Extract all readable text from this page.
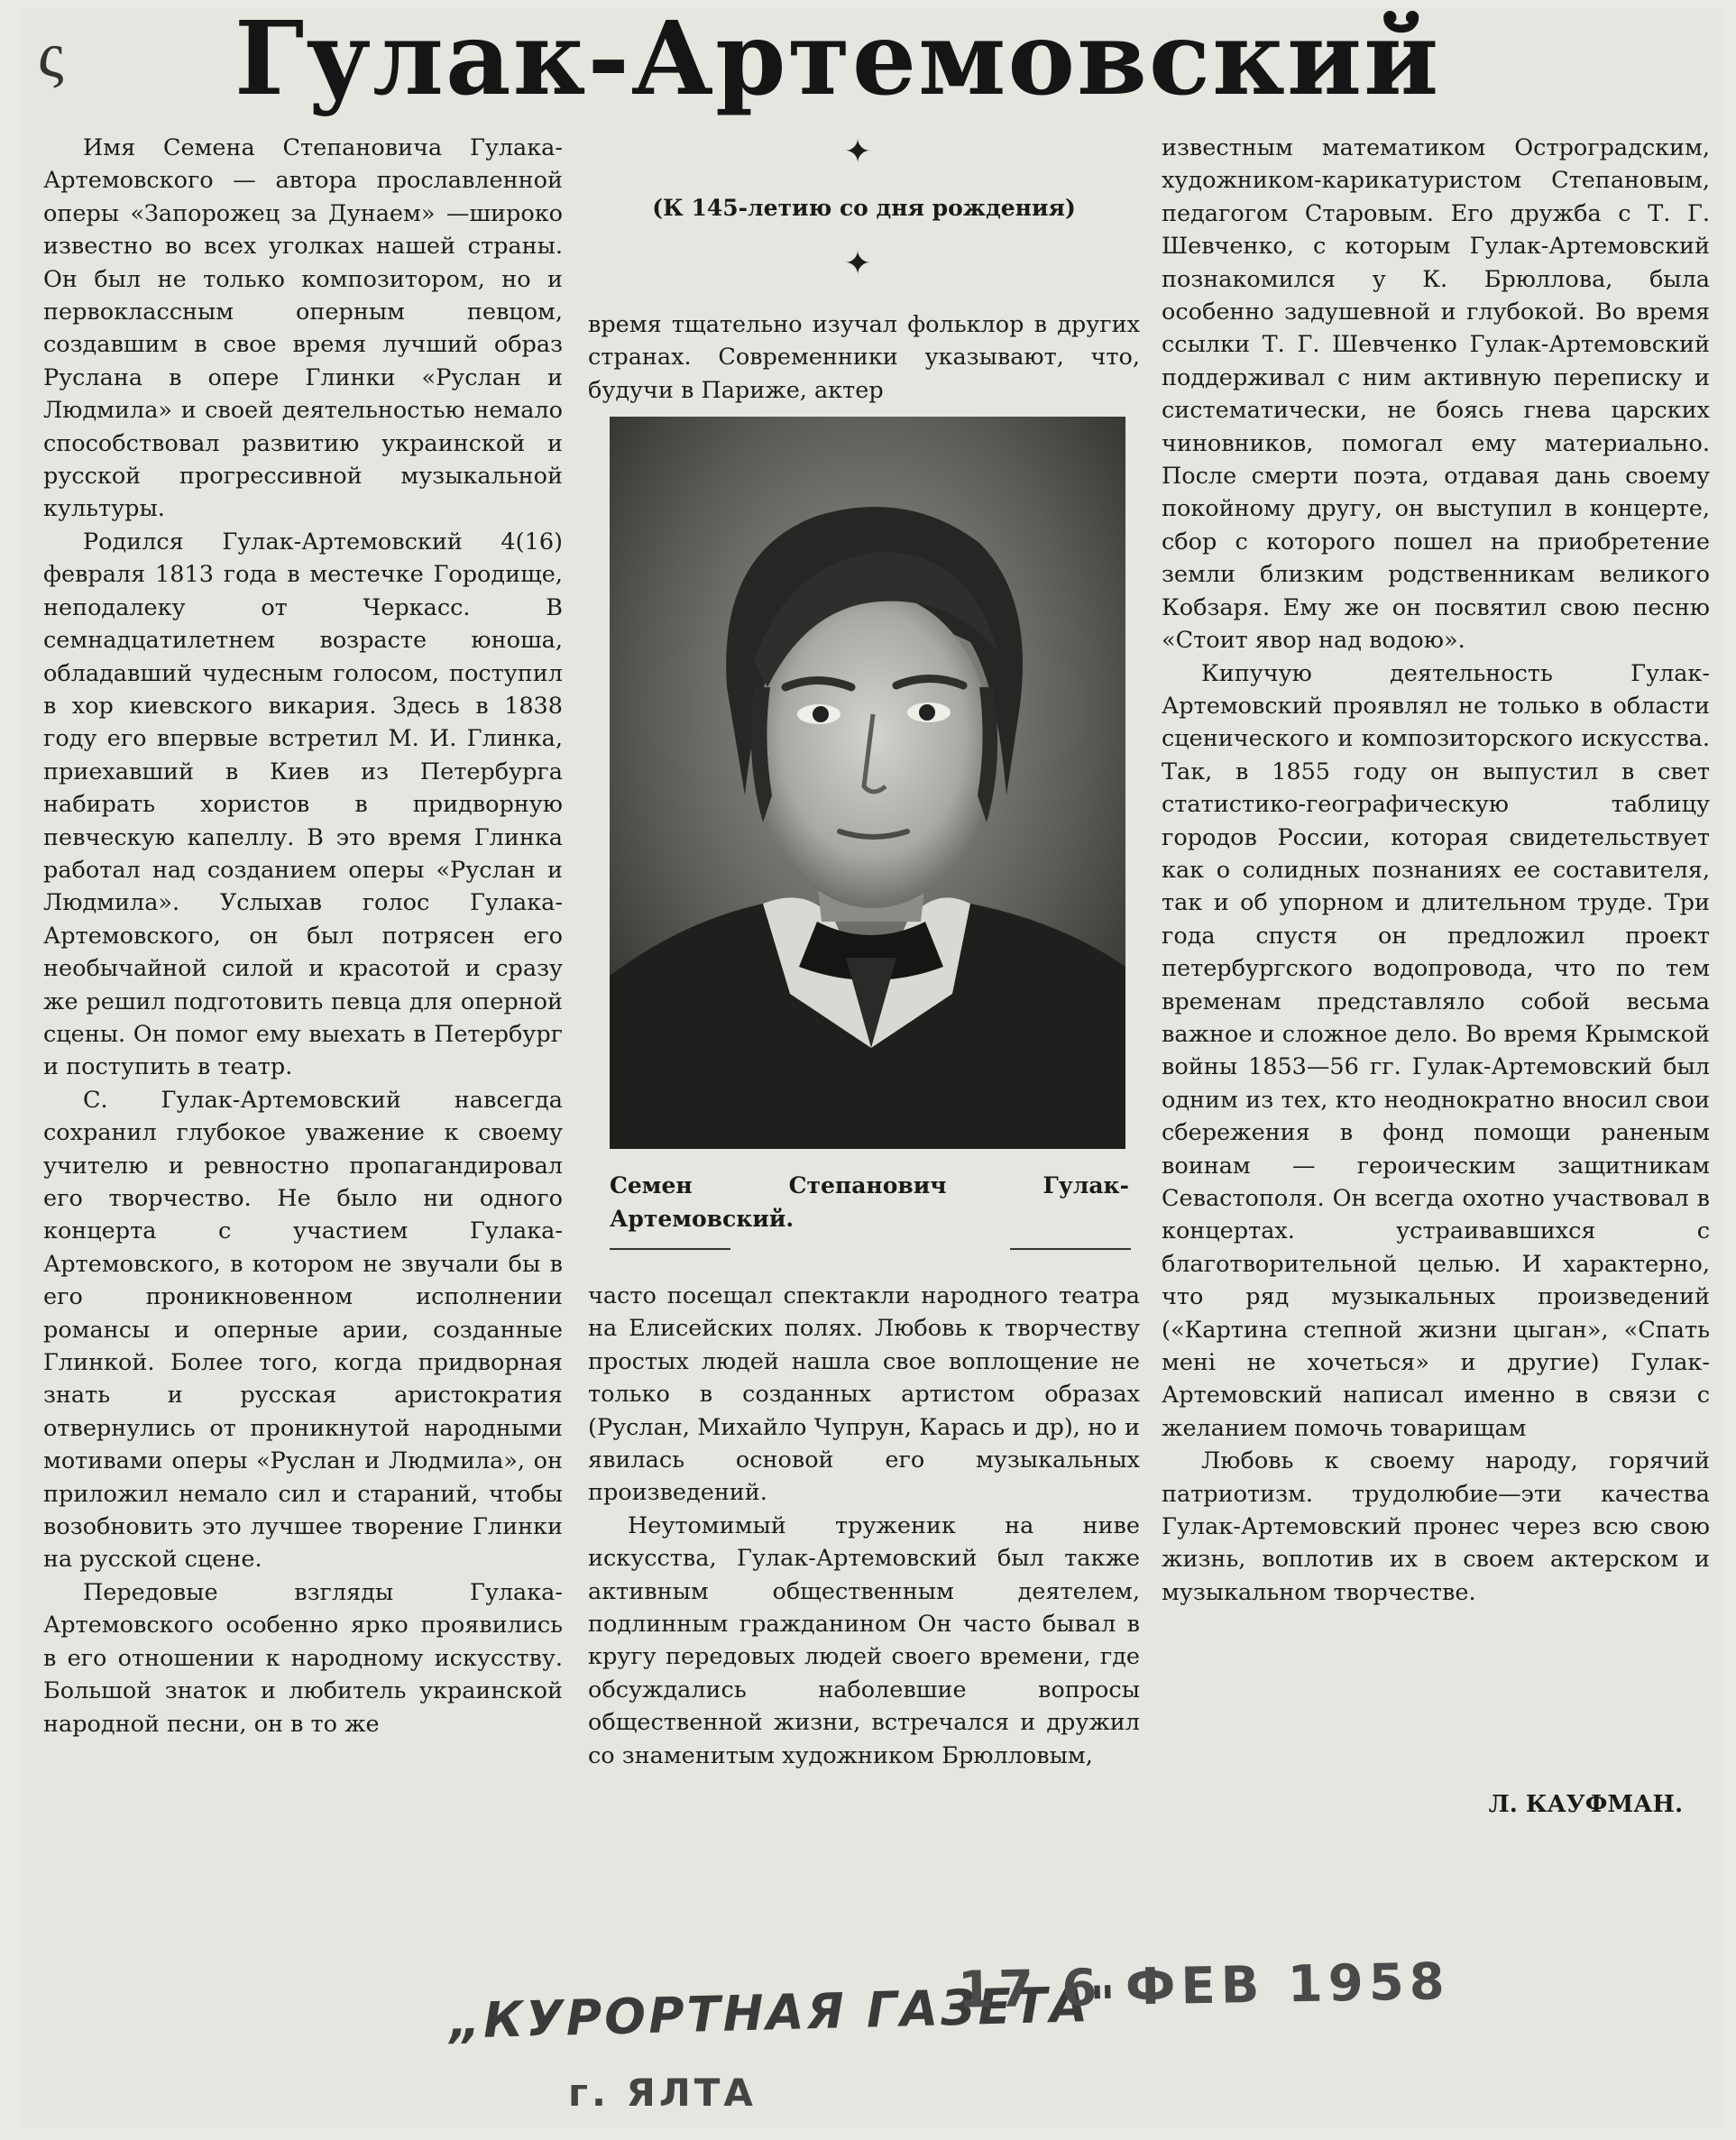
ς Гулак-Артемовский

Имя Семена Степановича Гулака-Артемовского — автора прославленной оперы «Запорожец за Дунаем» —широко известно во всех уголках нашей страны. Он был не только композитором, но и первоклассным оперным певцом, создавшим в свое время лучший образ Руслана в опере Глинки «Руслан и Людмила» и своей деятельностью немало способствовал развитию украинской и русской прогрессивной музыкальной культуры.

Родился Гулак-Артемовский 4(16) февраля 1813 года в местечке Городище, неподалеку от Черкасс. В семнадцатилетнем возрасте юноша, обладавший чудесным голосом, поступил в хор киевского викария. Здесь в 1838 году его впервые встретил М. И. Глинка, приехавший в Киев из Петербурга набирать хористов в придворную певческую капеллу. В это время Глинка работал над созданием оперы «Руслан и Людмила». Услыхав голос Гулака-Артемовского, он был потрясен его необычайной силой и красотой и сразу же решил подготовить певца для оперной сцены. Он помог ему выехать в Петербург и поступить в театр.

С. Гулак-Артемовский навсегда сохранил глубокое уважение к своему учителю и ревностно пропагандировал его творчество. Не было ни одного концерта с участием Гулака-Артемовского, в котором не звучали бы в его проникновенном исполнении романсы и оперные арии, созданные Глинкой. Более того, когда придворная знать и русская аристократия отвернулись от проникнутой народными мотивами оперы «Руслан и Людмила», он приложил немало сил и стараний, чтобы возобновить это лучшее творение Глинки на русской сцене.

Передовые взгляды Гулака-Артемовского особенно ярко проявились в его отношении к народному искусству. Большой знаток и любитель украинской народной песни, он в то же

✦
(К 145-летию со дня рождения)
✦

время тщательно изучал фольклор в других странах. Современники указывают, что, будучи в Париже, актер

Семен Степанович Гулак-Артемовский.

часто посещал спектакли народного театра на Елисейских полях. Любовь к творчеству простых людей нашла свое воплощение не только в созданных артистом образах (Руслан, Михайло Чупрун, Карась и др), но и явилась основой его музыкальных произведений.

Неутомимый труженик на ниве искусства, Гулак-Артемовский был также активным общественным деятелем, подлинным гражданином Он часто бывал в кругу передовых людей своего времени, где обсуждались наболевшие вопросы общественной жизни, встречался и дружил со знаменитым художником Брюлловым,

известным математиком Остроградским, художником-карикатуристом Степановым, педагогом Старовым. Его дружба с Т. Г. Шевченко, с которым Гулак-Артемовский познакомился у К. Брюллова, была особенно задушевной и глубокой. Во время ссылки Т. Г. Шевченко Гулак-Артемовский поддерживал с ним активную переписку и систематически, не боясь гнева царских чиновников, помогал ему материально. После смерти поэта, отдавая дань своему покойному другу, он выступил в концерте, сбор с которого пошел на приобретение земли близким родственникам великого Кобзаря. Ему же он посвятил свою песню «Стоит явор над водою».

Кипучую деятельность Гулак-Артемовский проявлял не только в области сценического и композиторского искусства. Так, в 1855 году он выпустил в свет статистико-географическую таблицу городов России, которая свидетельствует как о солидных познаниях ее составителя, так и об упорном и длительном труде. Три года спустя он предложил проект петербургского водопровода, что по тем временам представляло собой весьма важное и сложное дело. Во время Крымской войны 1853—56 гг. Гулак-Артемовский был одним из тех, кто неоднократно вносил свои сбережения в фонд помощи раненым воинам — героическим защитникам Севастополя. Он всегда охотно участвовал в концертах. устраивавшихся с благотворительной целью. И характерно, что ряд музыкальных произведений («Картина степной жизни цыган», «Спать мені не хочеться» и другие) Гулак-Артемовский написал именно в связи с желанием помочь товарищам

Любовь к своему народу, горячий патриотизм. трудолюбие—эти качества Гулак-Артемовский пронес через всю свою жизнь, воплотив их в своем актерском и музыкальном творчестве.

Л. КАУФМАН.
„КУРОРТНАЯ ГАЗЕТА"
17 6 ФЕВ 1958
г. ЯЛТА
